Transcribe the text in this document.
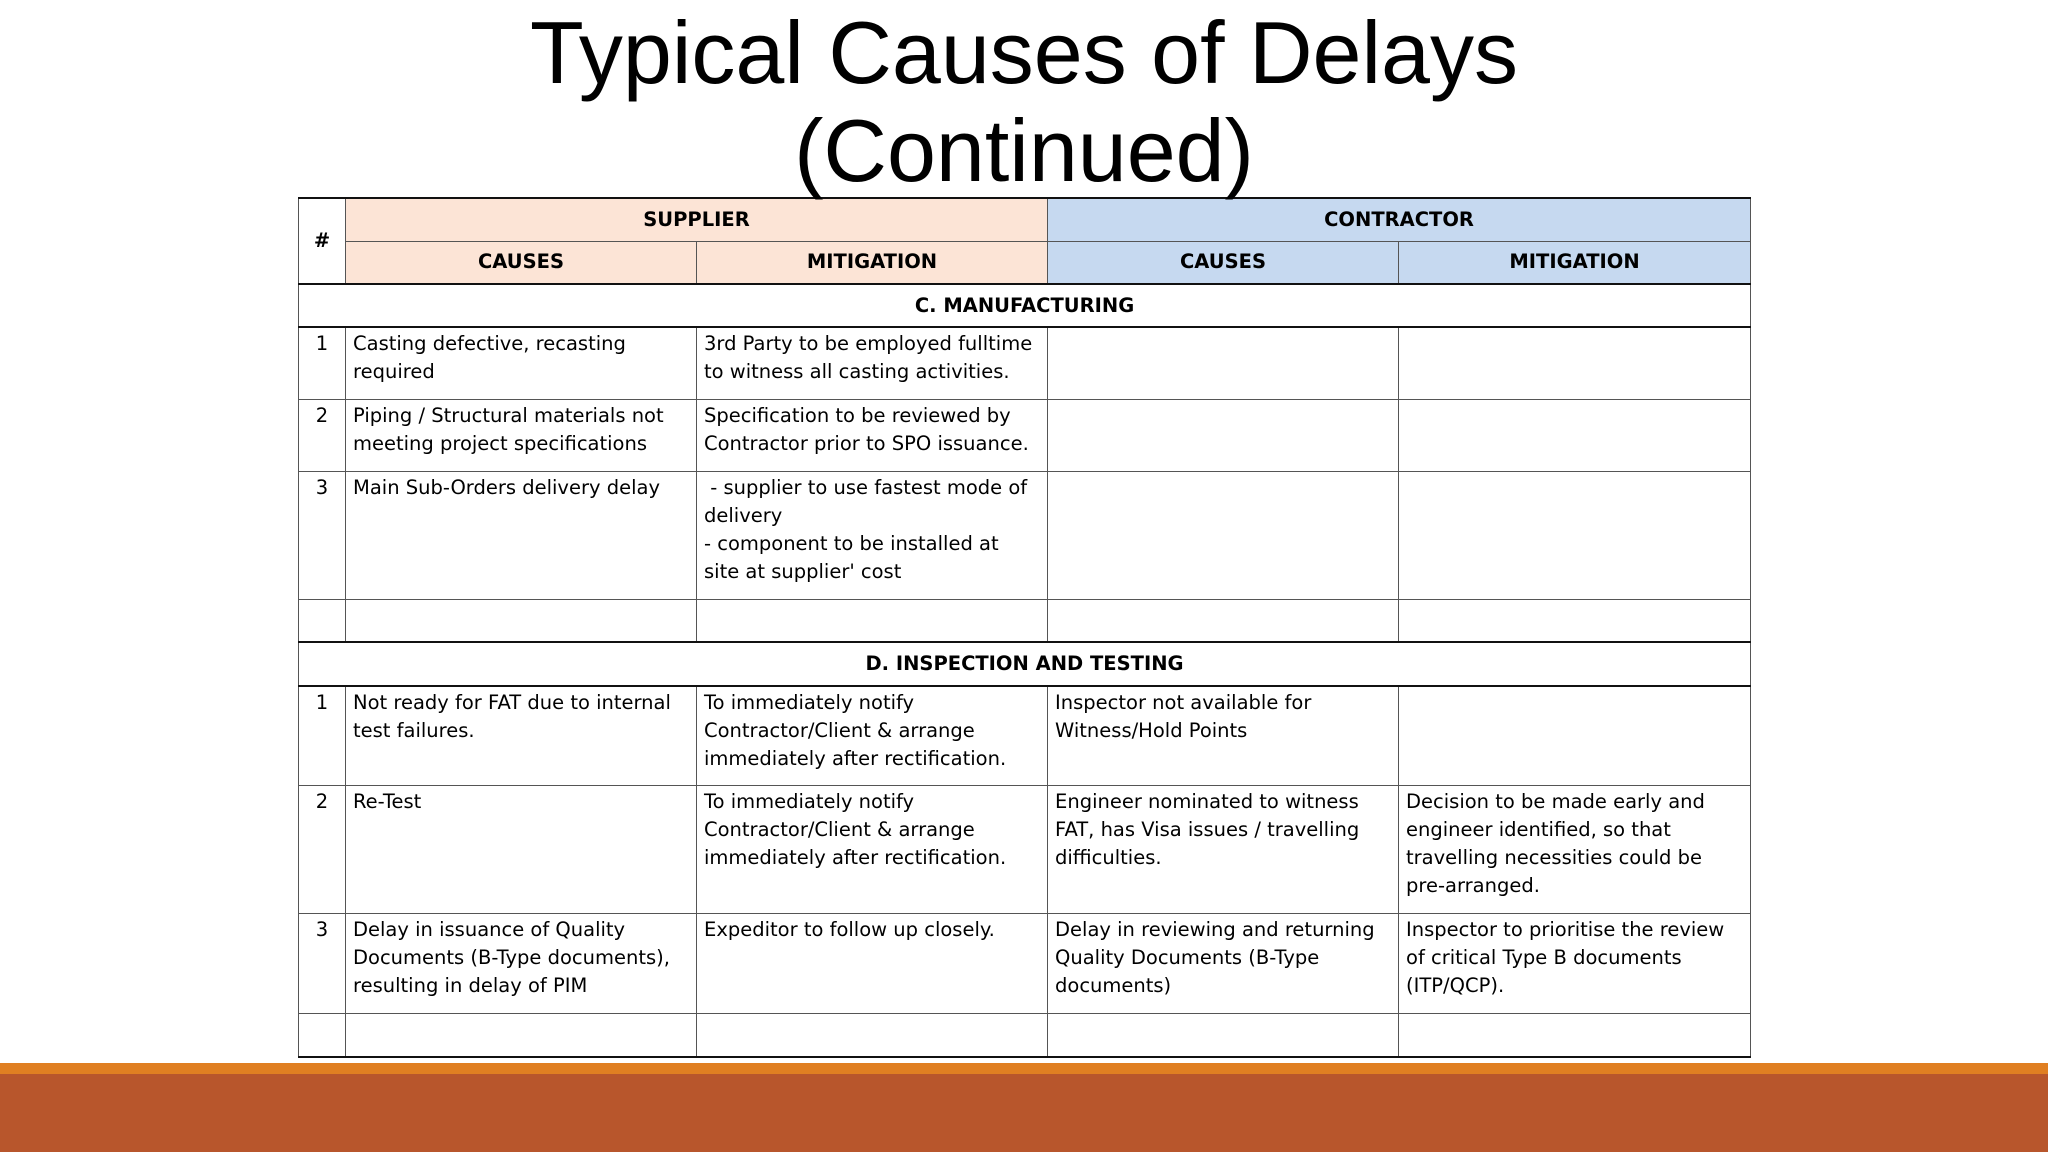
Typical Causes of Delays
(Continued)
#	SUPPLIER		CONTRACTOR	
	CAUSES	MITIGATION	CAUSES	MITIGATION
C. MANUFACTURING				
1	Casting defective, recasting required	3rd Party to be employed fulltime to witness all casting activities.		
2	Piping / Structural materials not meeting project specifications	Specification to be reviewed by Contractor prior to SPO issuance.		
3	Main Sub-Orders delivery delay	- supplier to use fastest mode of delivery
- component to be installed at site at supplier' cost		

D. INSPECTION AND TESTING				
1	Not ready for FAT due to internal test failures.	To immediately notify Contractor/Client & arrange immediately after rectification.	Inspector not available for Witness/Hold Points	
2	Re-Test	To immediately notify Contractor/Client & arrange immediately after rectification.	Engineer nominated to witness FAT, has Visa issues / travelling difficulties.	Decision to be made early and engineer identified, so that travelling necessities could be pre-arranged.
3	Delay in issuance of Quality Documents (B-Type documents), resulting in delay of PIM	Expeditor to follow up closely.	Delay in reviewing and returning Quality Documents (B-Type documents)	Inspector to prioritise the review of critical Type B documents (ITP/QCP).
